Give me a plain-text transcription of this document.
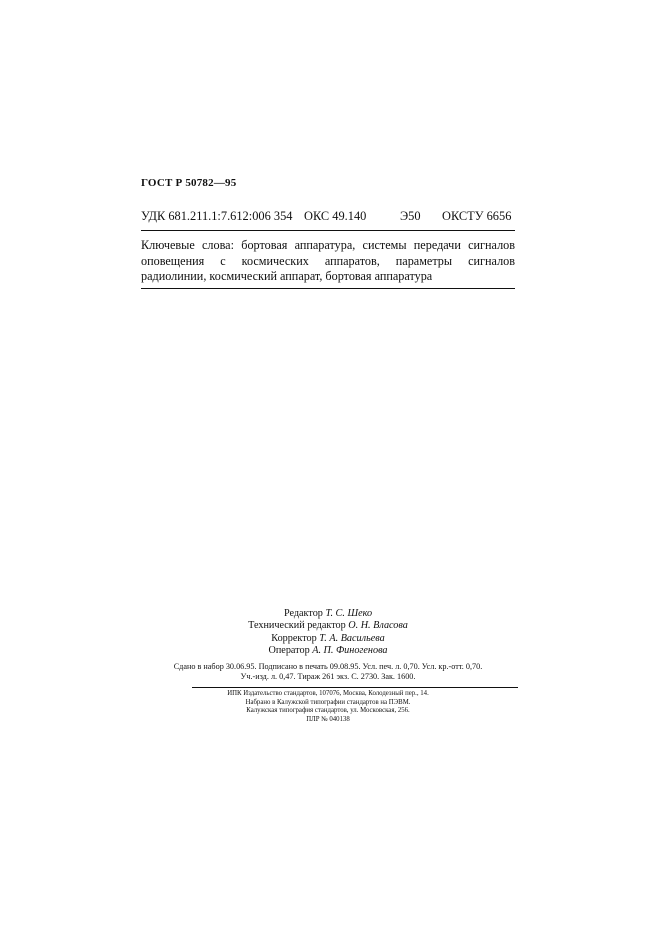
ГОСТ Р 50782—95
УДК 681.211.1:7.612:006 354 ОКС 49.140	Э50 ОКСТУ 6656
Ключевые слова: бортовая аппаратура, системы передачи сигналов
оповещения с космических аппаратов, параметры сигналов
радиолинии, космический аппарат, бортовая аппаратура
Редактор Т. С. Шеко
Технический редактор О. Н. Власова
Корректор Т. А. Васильева
Оператор А. П. Финогенова
Сдано в набор 30.06.95. Подписано в печать 09.08.95. Усл. печ. л. 0,70. Усл. кр.-отт. 0,70.
Уч.-изд. л. 0,47. Тираж 261 экз. С. 2730. Зак. 1600.
ИПК Издательство стандартов, 107076, Москва, Колодезный пер., 14.
Набрано в Калужской типографии стандартов на ПЭВМ.
Калужская типография стандартов, ул. Московская, 256.
ПЛР № 040138
